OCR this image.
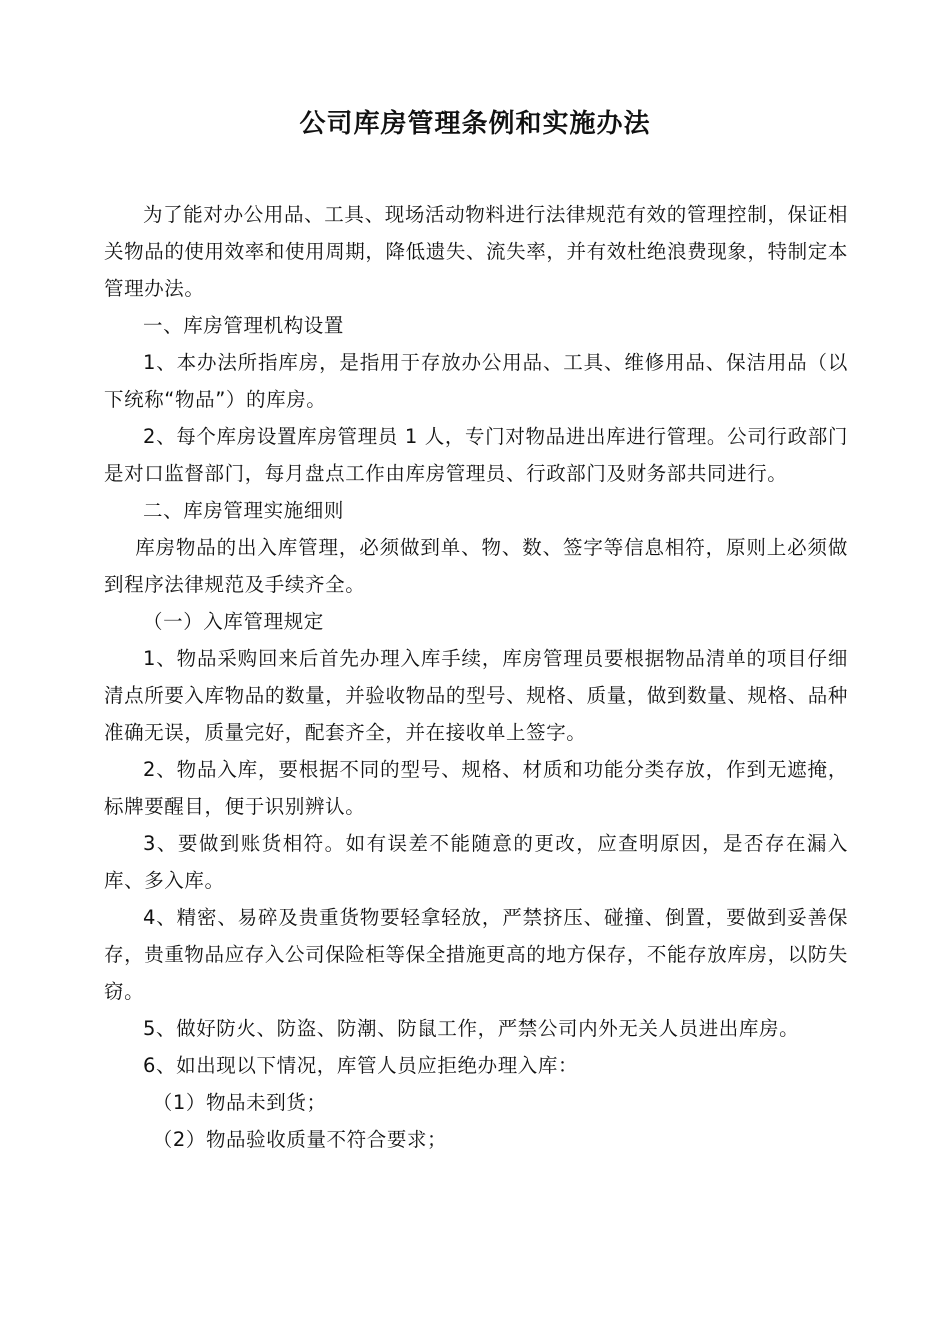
公司库房管理条例和实施办法

为了能对办公用品、工具、现场活动物料进行法律规范有效的管理控制，保证相关物品的使用效率和使用周期，降低遗失、流失率，并有效杜绝浪费现象，特制定本管理办法。

一、库房管理机构设置

1、本办法所指库房，是指用于存放办公用品、工具、维修用品、保洁用品（以下统称“物品”）的库房。

2、每个库房设置库房管理员 1 人，专门对物品进出库进行管理。公司行政部门是对口监督部门，每月盘点工作由库房管理员、行政部门及财务部共同进行。

二、库房管理实施细则

库房物品的出入库管理，必须做到单、物、数、签字等信息相符，原则上必须做到程序法律规范及手续齐全。

（一）入库管理规定

1、物品采购回来后首先办理入库手续，库房管理员要根据物品清单的项目仔细清点所要入库物品的数量，并验收物品的型号、规格、质量，做到数量、规格、品种准确无误，质量完好，配套齐全，并在接收单上签字。

2、物品入库，要根据不同的型号、规格、材质和功能分类存放，作到无遮掩，标牌要醒目，便于识别辨认。

3、要做到账货相符。如有误差不能随意的更改，应查明原因，是否存在漏入库、多入库。

4、精密、易碎及贵重货物要轻拿轻放，严禁挤压、碰撞、倒置，要做到妥善保存，贵重物品应存入公司保险柜等保全措施更高的地方保存，不能存放库房，以防失窃。

5、做好防火、防盗、防潮、防鼠工作，严禁公司内外无关人员进出库房。

6、如出现以下情况，库管人员应拒绝办理入库：

（1）物品未到货；

（2）物品验收质量不符合要求；
